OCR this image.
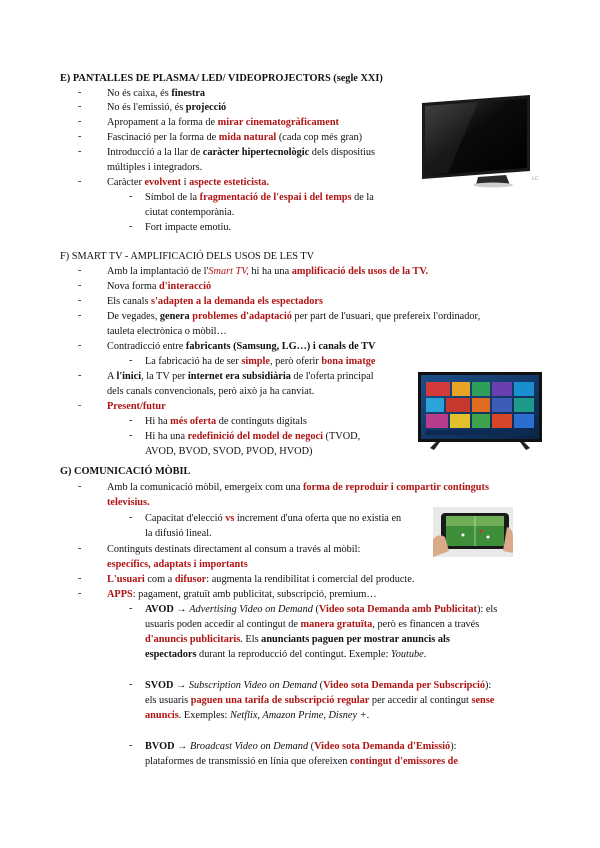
E) PANTALLES DE PLASMA/ LED/ VIDEOPROJECTORS (segle XXI)
- No és caixa, és finestra
- No és l'emissió, és projecció
- Apropament a la forma de mirar cinematogràficament
- Fascinació per la forma de mida natural (cada cop més gran)
- Introducció a la llar de caràcter hipertecnològic dels dispositius
múltiples i integradors.
- Caràcter evolvent i aspecte esteticista.
- Símbol de la fragmentació de l'espai i del temps de la
ciutat contemporània.
- Fort impacte emotiu.
LG
F) SMART TV - AMPLIFICACIÓ DELS USOS DE LES TV
- Amb la implantació de l'Smart TV, hi ha una amplificació dels usos de la TV.
- Nova forma d'interacció
- Els canals s'adapten a la demanda els espectadors
- De vegades, genera problemes d'adaptació per part de l'usuari, que prefereix l'ordinador,
tauleta electrònica o mòbil…
- Contradicció entre fabricants (Samsung, LG…) i canals de TV
- La fabricació ha de ser simple, però oferir bona imatge
- A l'inici, la TV per internet era subsidiària de l'oferta principal
dels canals convencionals, però això ja ha canviat.
- Present/futur
- Hi ha més oferta de continguts digitals
- Hi ha una redefinició del model de negoci (TVOD,
AVOD, BVOD, SVOD, PVOD, HVOD)
G) COMUNICACIÓ MÒBIL
- Amb la comunicació mòbil, emergeix com una forma de reproduir i compartir continguts
televisius.
- Capacitat d'elecció vs increment d'una oferta que no existia en
la difusió lineal.
- Continguts destinats directament al consum a través al mòbil:
específics, adaptats i importants
- L'usuari com a difusor: augmenta la rendibilitat i comercial del producte.
- APPS: pagament, gratuït amb publicitat, subscripció, premium…
- AVOD → Advertising Video on Demand (Video sota Demanda amb Publicitat): els
usuaris poden accedir al contingut de manera gratuïta, però es financen a través
d'anuncis publicitaris. Els anunciants paguen per mostrar anuncis als
espectadors durant la reproducció del contingut. Exemple: Youtube.
- SVOD → Subscription Video on Demand (Video sota Demanda per Subscripció):
els usuaris paguen una tarifa de subscripció regular per accedir al contingut sense
anuncis. Exemples: Netflix, Amazon Prime, Disney +.
- BVOD → Broadcast Video on Demand (Video sota Demanda d'Emissió):
plataformes de transmissió en línia que ofereixen contingut d'emissores de
